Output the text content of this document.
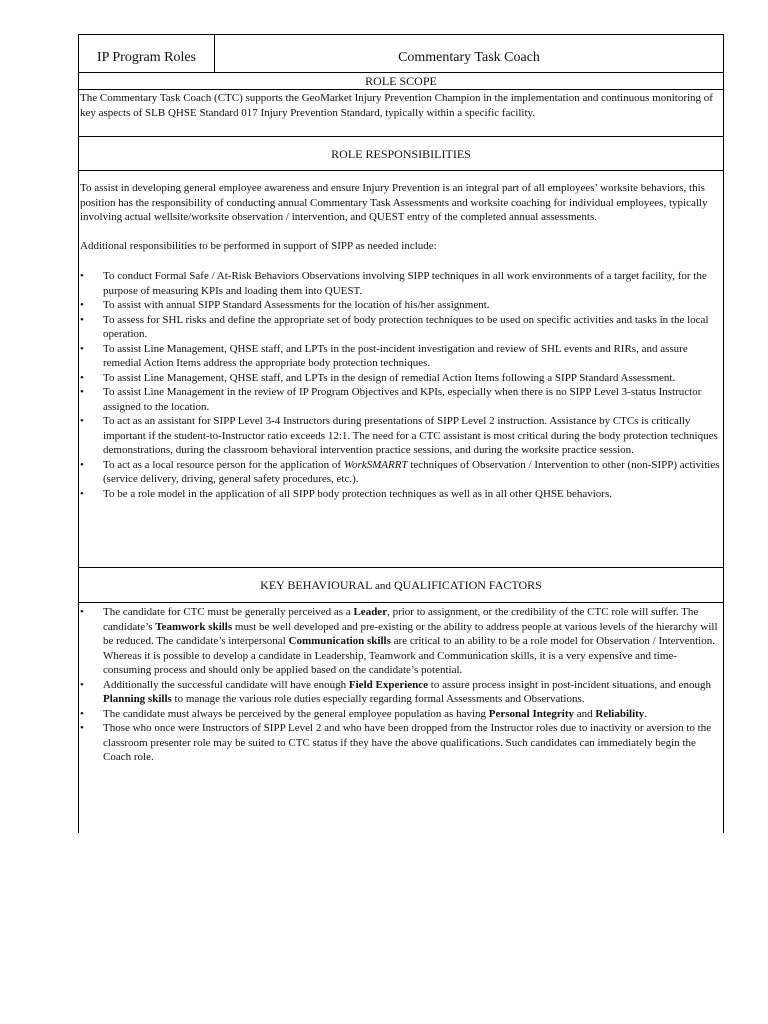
IP Program Roles	Commentary Task Coach
ROLE SCOPE
The Commentary Task Coach (CTC) supports the GeoMarket Injury Prevention Champion in the implementation and continuous monitoring of key aspects of SLB QHSE Standard 017 Injury Prevention Standard, typically within a specific facility.
ROLE RESPONSIBILITIES
To assist in developing general employee awareness and ensure Injury Prevention is an integral part of all employees’ worksite behaviors, this position has the responsibility of conducting annual Commentary Task Assessments and worksite coaching for individual employees, typically involving actual wellsite/worksite observation / intervention, and QUEST entry of the completed annual assessments.
Additional responsibilities to be performed in support of SIPP as needed include:
• To conduct Formal Safe / At-Risk Behaviors Observations involving SIPP techniques in all work environments of a target facility, for the purpose of measuring KPIs and loading them into QUEST.
• To assist with annual SIPP Standard Assessments for the location of his/her assignment.
• To assess for SHL risks and define the appropriate set of body protection techniques to be used on specific activities and tasks in the local operation.
• To assist Line Management, QHSE staff, and LPTs in the post-incident investigation and review of SHL events and RIRs, and assure remedial Action Items address the appropriate body protection techniques.
• To assist Line Management, QHSE staff, and LPTs in the design of remedial Action Items following a SIPP Standard Assessment.
• To assist Line Management in the review of IP Program Objectives and KPIs, especially when there is no SIPP Level 3-status Instructor assigned to the location.
• To act as an assistant for SIPP Level 3-4 Instructors during presentations of SIPP Level 2 instruction. Assistance by CTCs is critically important if the student-to-Instructor ratio exceeds 12:1. The need for a CTC assistant is most critical during the body protection techniques demonstrations, during the classroom behavioral intervention practice sessions, and during the worksite practice session.
• To act as a local resource person for the application of WorkSMARRT techniques of Observation / Intervention to other (non-SIPP) activities (service delivery, driving, general safety procedures, etc.).
• To be a role model in the application of all SIPP body protection techniques as well as in all other QHSE behaviors.
KEY BEHAVIOURAL and QUALIFICATION FACTORS
• The candidate for CTC must be generally perceived as a Leader, prior to assignment, or the credibility of the CTC role will suffer. The candidate’s Teamwork skills must be well developed and pre-existing or the ability to address people at various levels of the hierarchy will be reduced. The candidate’s interpersonal Communication skills are critical to an ability to be a role model for Observation / Intervention. Whereas it is possible to develop a candidate in Leadership, Teamwork and Communication skills, it is a very expensive and time-consuming process and should only be applied based on the candidate’s potential.
• Additionally the successful candidate will have enough Field Experience to assure process insight in post-incident situations, and enough Planning skills to manage the various role duties especially regarding formal Assessments and Observations.
• The candidate must always be perceived by the general employee population as having Personal Integrity and Reliability.
• Those who once were Instructors of SIPP Level 2 and who have been dropped from the Instructor roles due to inactivity or aversion to the classroom presenter role may be suited to CTC status if they have the above qualifications. Such candidates can immediately begin the Coach role.
